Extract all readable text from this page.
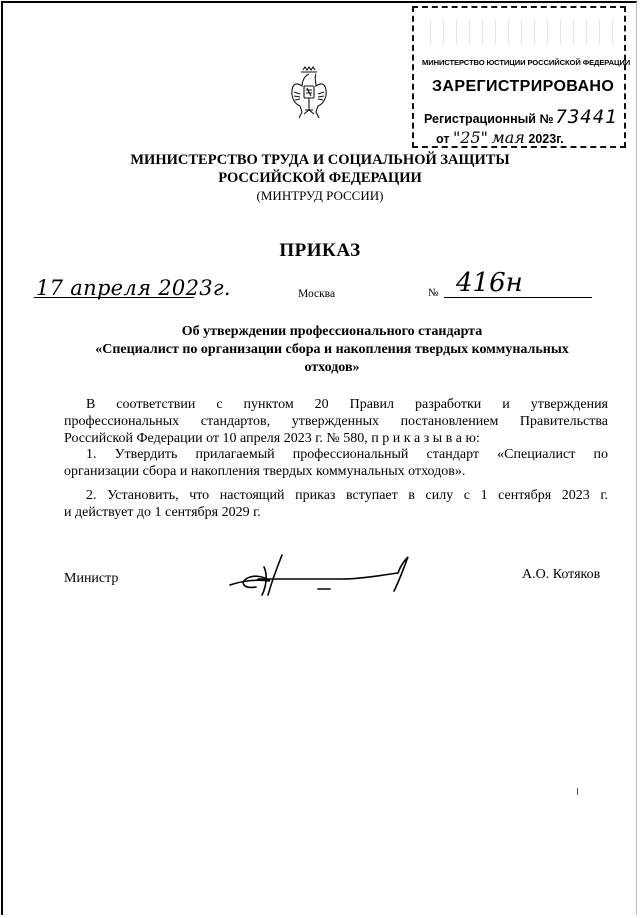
МИНИСТЕРСТВО ЮСТИЦИИ РОССИЙСКОЙ ФЕДЕРАЦИИ
ЗАРЕГИСТРИРОВАНО
Регистрационный № 73441
от "25" мая 2023г.
МИНИСТЕРСТВО ТРУДА И СОЦИАЛЬНОЙ ЗАЩИТЫ
РОССИЙСКОЙ ФЕДЕРАЦИИ
(МИНТРУД РОССИИ)
ПРИКАЗ
17 апреля 2023г.	Москва	№ 416н
Об утверждении профессионального стандарта
«Специалист по организации сбора и накопления твердых коммунальных
отходов»

В соответствии с пунктом 20 Правил разработки и утверждения

профессиональных стандартов, утвержденных постановлением Правительства

Российской Федерации от 10 апреля 2023 г. № 580, п р и к а з ы в а ю:

1. Утвердить прилагаемый профессиональный стандарт «Специалист по

организации сбора и накопления твердых коммунальных отходов».

2. Установить, что настоящий приказ вступает в силу с 1 сентября 2023 г.

и действует до 1 сентября 2029 г.

Министр	А.О. Котяков
